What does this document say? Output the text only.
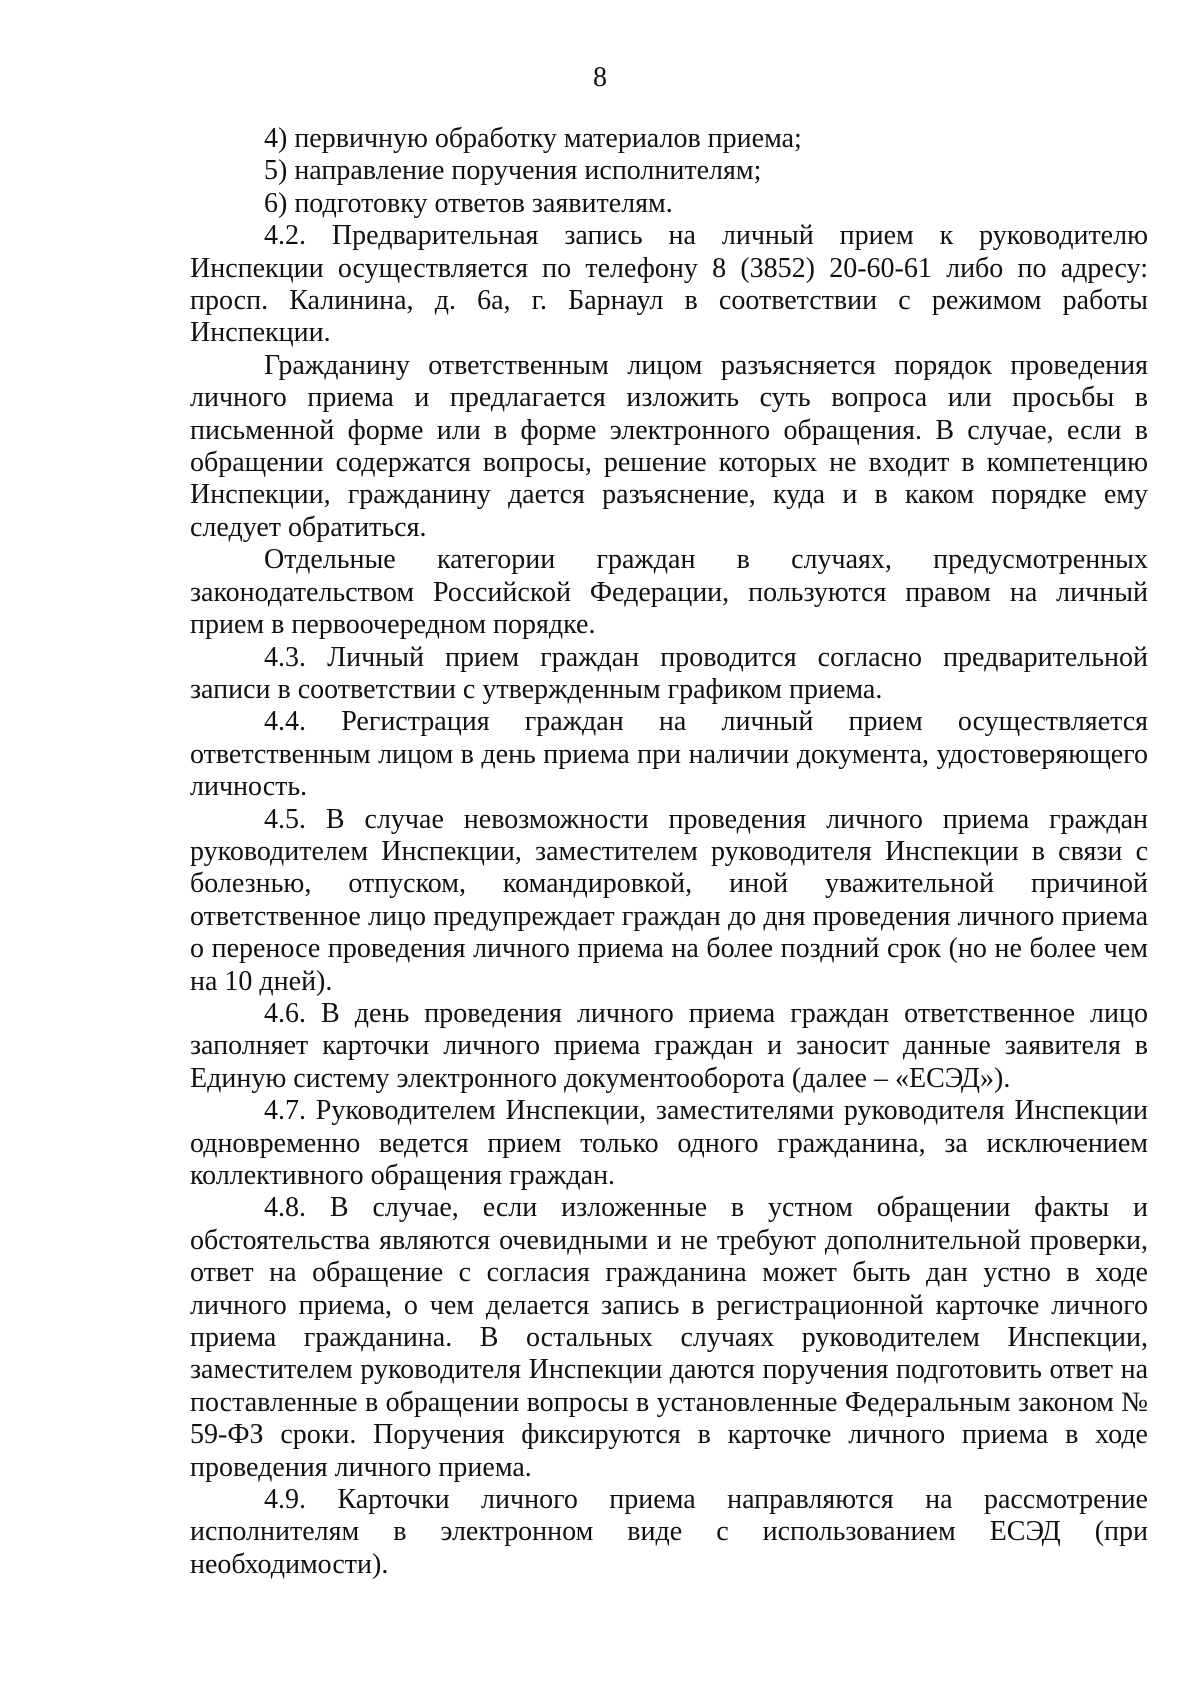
8

4) первичную обработку материалов приема;

5) направление поручения исполнителям;

6) подготовку ответов заявителям.

4.2. Предварительная запись на личный прием к руководителю Инспекции осуществляется по телефону 8 (3852) 20-60-61 либо по адресу: просп. Калинина, д. 6а, г. Барнаул в соответствии с режимом работы Инспекции.

Гражданину ответственным лицом разъясняется порядок проведения личного приема и предлагается изложить суть вопроса или просьбы в письменной форме или в форме электронного обращения. В случае, если в обращении содержатся вопросы, решение которых не входит в компетенцию Инспекции, гражданину дается разъяснение, куда и в каком порядке ему следует обратиться.

Отдельные категории граждан в случаях, предусмотренных законодательством Российской Федерации, пользуются правом на личный прием в первоочередном порядке.

4.3. Личный прием граждан проводится согласно предварительной записи в соответствии с утвержденным графиком приема.

4.4. Регистрация граждан на личный прием осуществляется ответственным лицом в день приема при наличии документа, удостоверяющего личность.

4.5. В случае невозможности проведения личного приема граждан руководителем Инспекции, заместителем руководителя Инспекции в связи с болезнью, отпуском, командировкой, иной уважительной причиной ответственное лицо предупреждает граждан до дня проведения личного приема о переносе проведения личного приема на более поздний срок (но не более чем на 10 дней).

4.6. В день проведения личного приема граждан ответственное лицо заполняет карточки личного приема граждан и заносит данные заявителя в Единую систему электронного документооборота (далее – «ЕСЭД»).

4.7. Руководителем Инспекции, заместителями руководителя Инспекции одновременно ведется прием только одного гражданина, за исключением коллективного обращения граждан.

4.8. В случае, если изложенные в устном обращении факты и обстоятельства являются очевидными и не требуют дополнительной проверки, ответ на обращение с согласия гражданина может быть дан устно в ходе личного приема, о чем делается запись в регистрационной карточке личного приема гражданина. В остальных случаях руководителем Инспекции, заместителем руководителя Инспекции даются поручения подготовить ответ на поставленные в обращении вопросы в установленные Федеральным законом № 59-ФЗ сроки. Поручения фиксируются в карточке личного приема в ходе проведения личного приема.

4.9. Карточки личного приема направляются на рассмотрение исполнителям в электронном виде с использованием ЕСЭД (при необходимости).
